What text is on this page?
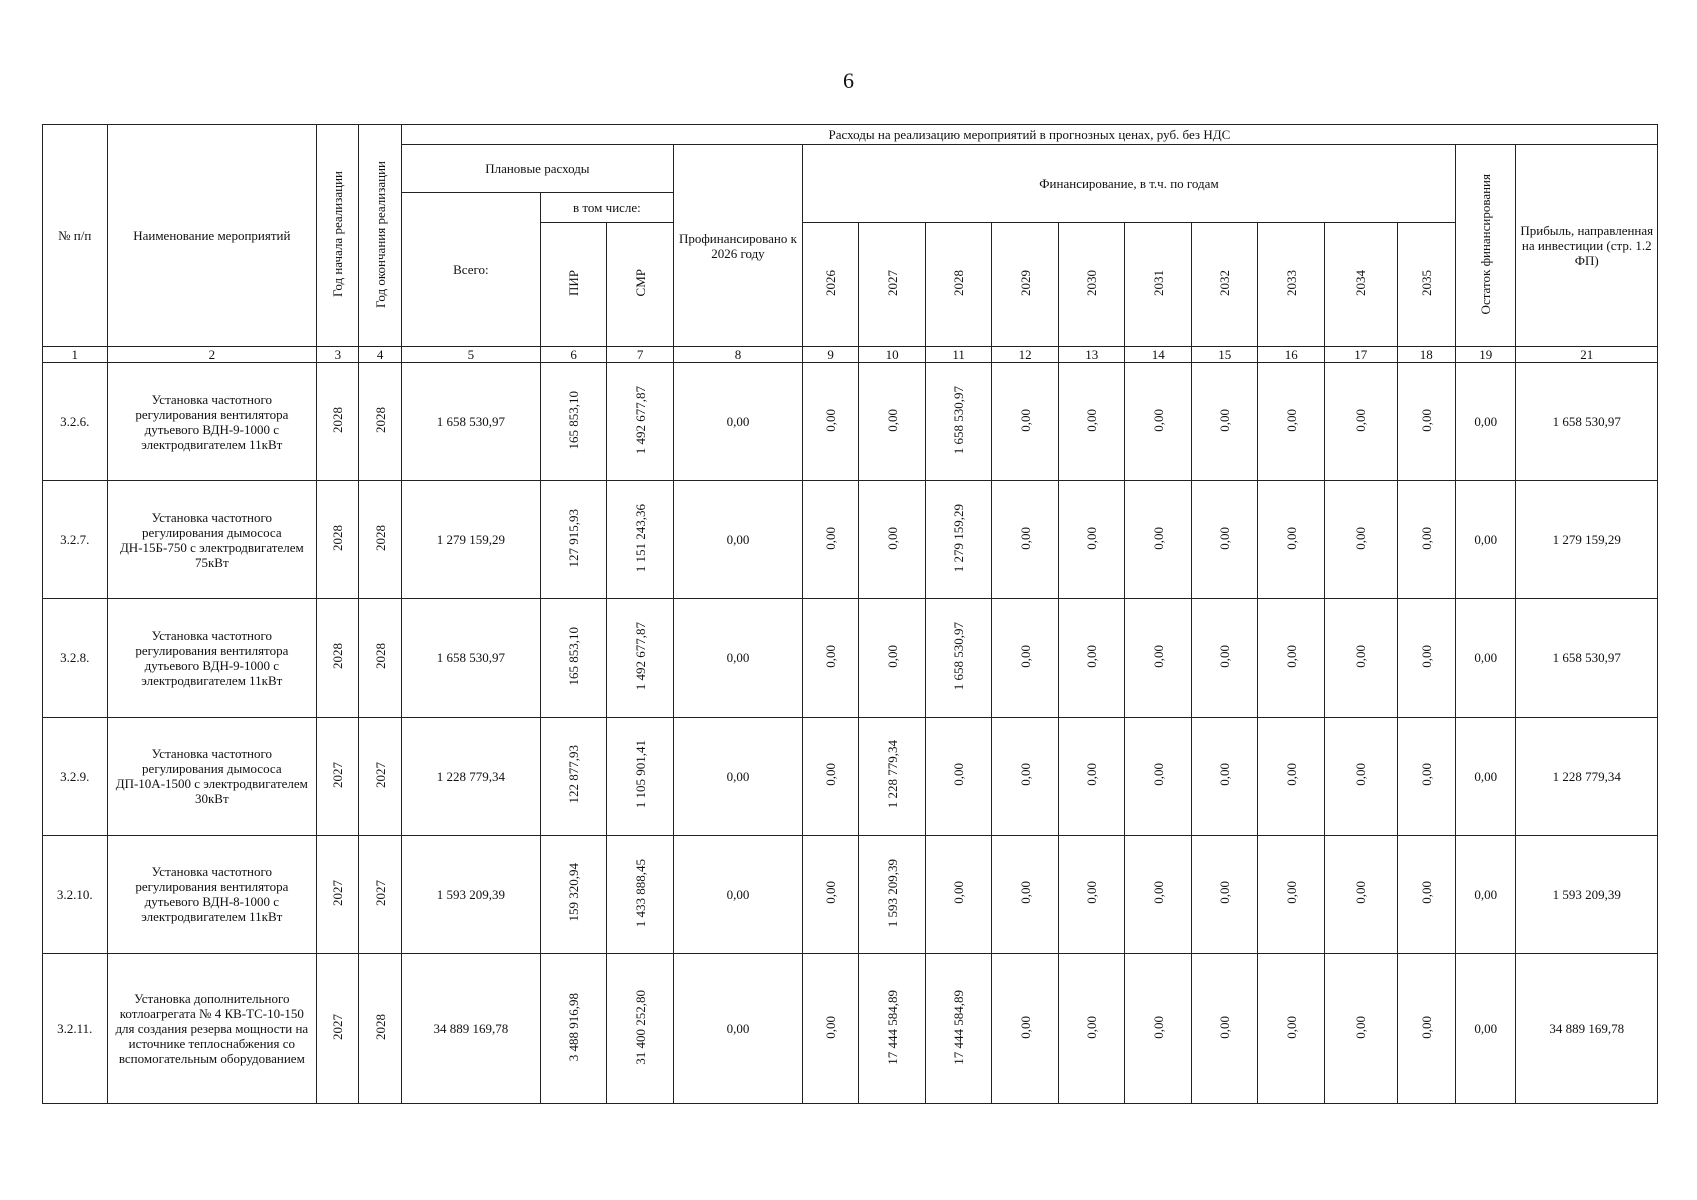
6
№ п/п	Наименование мероприятий	Год начала реализации	Год окончания реализации	Расходы на реализацию мероприятий в прогнозных ценах, руб. без НДС															
				Плановые расходы			Профинансировано к 2026 году	Финансирование, в т.ч. по годам										Остаток финансирования	Прибыль, направленная на инвестиции (стр. 1.2 ФП)
				Всего:	в том числе:														
					ПИР	СМР		2026	2027	2028	2029	2030	2031	2032	2033	2034	2035		
1	2	3	4	5	6	7	8	9	10	11	12	13	14	15	16	17	18	19	21
3.2.6.	Установка частотного регулирования вентилятора дутьевого ВДН-9-1000 с электродвигателем 11кВт	2028	2028	1 658 530,97	165 853,10	1 492 677,87	0,00	0,00	0,00	1 658 530,97	0,00	0,00	0,00	0,00	0,00	0,00	0,00	0,00	1 658 530,97
3.2.7.	Установка частотного регулирования дымососа ДН-15Б-750 с электродвигателем 75кВт	2028	2028	1 279 159,29	127 915,93	1 151 243,36	0,00	0,00	0,00	1 279 159,29	0,00	0,00	0,00	0,00	0,00	0,00	0,00	0,00	1 279 159,29
3.2.8.	Установка частотного регулирования вентилятора дутьевого ВДН-9-1000 с электродвигателем 11кВт	2028	2028	1 658 530,97	165 853,10	1 492 677,87	0,00	0,00	0,00	1 658 530,97	0,00	0,00	0,00	0,00	0,00	0,00	0,00	0,00	1 658 530,97
3.2.9.	Установка частотного регулирования дымососа ДП-10А-1500 с электродвигателем 30кВт	2027	2027	1 228 779,34	122 877,93	1 105 901,41	0,00	0,00	1 228 779,34	0,00	0,00	0,00	0,00	0,00	0,00	0,00	0,00	0,00	1 228 779,34
3.2.10.	Установка частотного регулирования вентилятора дутьевого ВДН-8-1000 с электродвигателем 11кВт	2027	2027	1 593 209,39	159 320,94	1 433 888,45	0,00	0,00	1 593 209,39	0,00	0,00	0,00	0,00	0,00	0,00	0,00	0,00	0,00	1 593 209,39
3.2.11.	Установка дополнительного котлоагрегата № 4 КВ-ТС-10-150 для создания резерва мощности на источнике теплоснабжения со вспомогательным оборудованием	2027	2028	34 889 169,78	3 488 916,98	31 400 252,80	0,00	0,00	17 444 584,89	17 444 584,89	0,00	0,00	0,00	0,00	0,00	0,00	0,00	0,00	34 889 169,78
